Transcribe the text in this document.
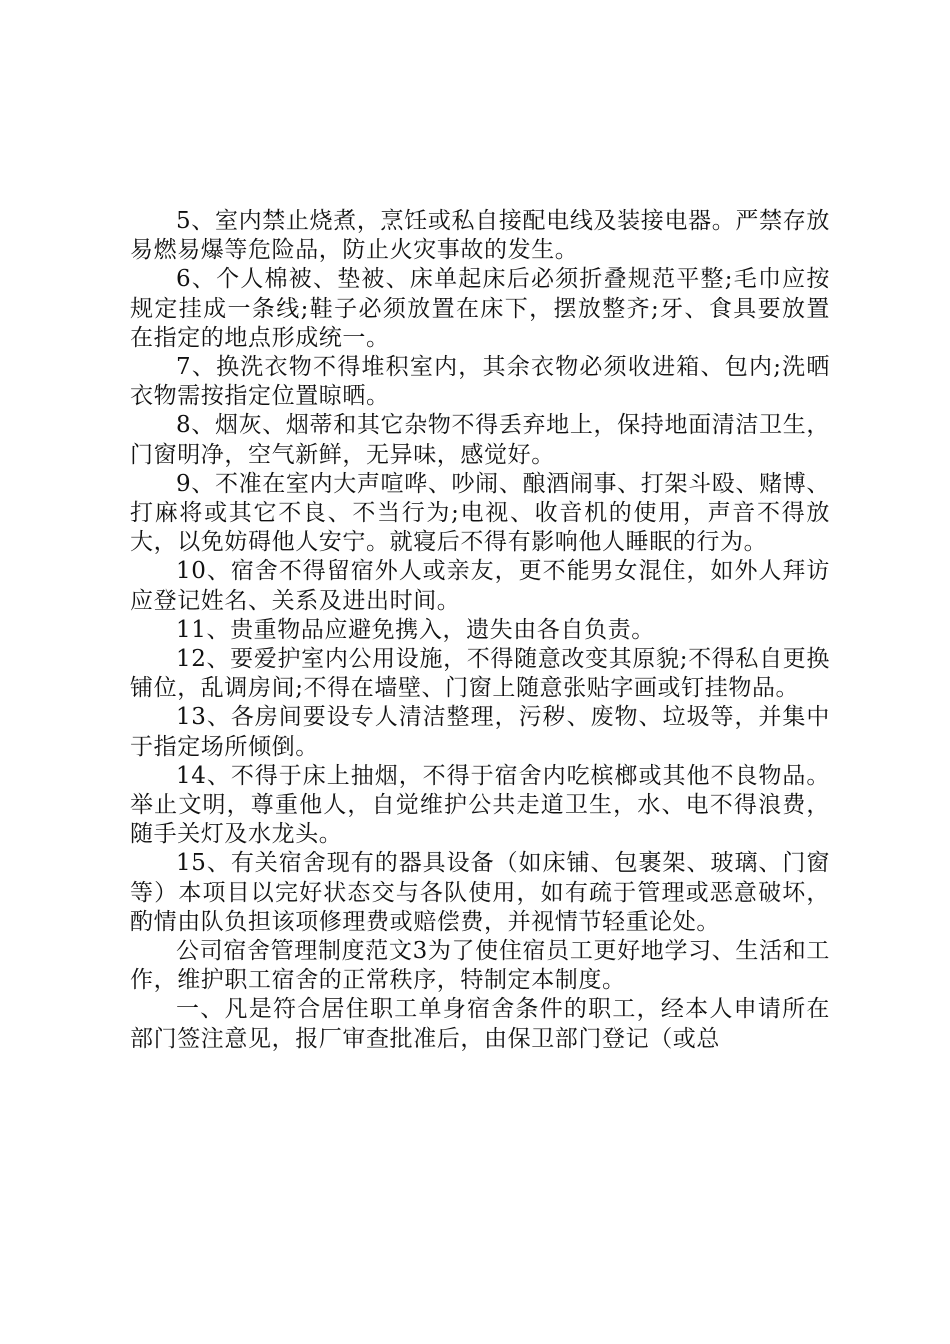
5、室内禁止烧煮，烹饪或私自接配电线及装接电器。严禁存放易燃易爆等危险品，防止火灾事故的发生。

6、个人棉被、垫被、床单起床后必须折叠规范平整;毛巾应按规定挂成一条线;鞋子必须放置在床下，摆放整齐;牙、食具要放置在指定的地点形成统一。

7、换洗衣物不得堆积室内，其余衣物必须收进箱、包内;洗晒衣物需按指定位置晾晒。

8、烟灰、烟蒂和其它杂物不得丢弃地上，保持地面清洁卫生，门窗明净，空气新鲜，无异味，感觉好。

9、不准在室内大声喧哗、吵闹、酿酒闹事、打架斗殴、赌博、打麻将或其它不良、不当行为;电视、收音机的使用，声音不得放大，以免妨碍他人安宁。就寝后不得有影响他人睡眠的行为。

10、宿舍不得留宿外人或亲友，更不能男女混住，如外人拜访应登记姓名、关系及进出时间。

11、贵重物品应避免携入，遗失由各自负责。

12、要爱护室内公用设施，不得随意改变其原貌;不得私自更换铺位，乱调房间;不得在墙壁、门窗上随意张贴字画或钉挂物品。

13、各房间要设专人清洁整理，污秽、废物、垃圾等，并集中于指定场所倾倒。

14、不得于床上抽烟，不得于宿舍内吃槟榔或其他不良物品。举止文明，尊重他人，自觉维护公共走道卫生，水、电不得浪费，随手关灯及水龙头。

15、有关宿舍现有的器具设备（如床铺、包裹架、玻璃、门窗等）本项目以完好状态交与各队使用，如有疏于管理或恶意破坏，酌情由队负担该项修理费或赔偿费，并视情节轻重论处。

公司宿舍管理制度范文3为了使住宿员工更好地学习、生活和工作，维护职工宿舍的正常秩序，特制定本制度。

一、凡是符合居住职工单身宿舍条件的职工，经本人申请所在部门签注意见，报厂审查批准后，由保卫部门登记（或总
